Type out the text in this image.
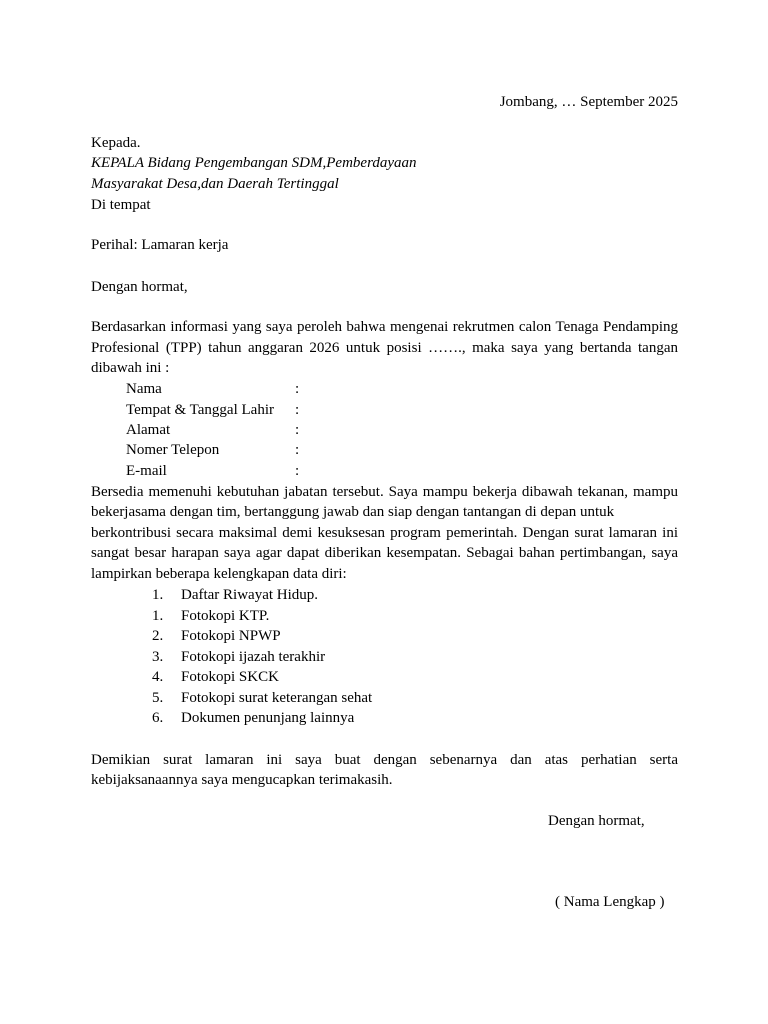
Jombang, … September 2025
Kepada.
KEPALA Bidang Pengembangan SDM,Pemberdayaan
Masyarakat Desa,dan Daerah Tertinggal
Di tempat
Perihal: Lamaran kerja
Dengan hormat,
Berdasarkan informasi yang saya peroleh bahwa mengenai rekrutmen calon Tenaga Pendamping
Profesional (TPP) tahun anggaran 2026 untuk posisi ……., maka saya yang bertanda tangan
dibawah ini :
Nama	:
Tempat & Tanggal Lahir :
Alamat	:
Nomer Telepon	:
E-mail	:
Bersedia memenuhi kebutuhan jabatan tersebut. Saya mampu bekerja dibawah tekanan, mampu
bekerjasama dengan tim, bertanggung jawab dan siap dengan tantangan di depan untuk
berkontribusi secara maksimal demi kesuksesan program pemerintah. Dengan surat lamaran ini
sangat besar harapan saya agar dapat diberikan kesempatan. Sebagai bahan pertimbangan, saya
lampirkan beberapa kelengkapan data diri:
1. Daftar Riwayat Hidup.
1. Fotokopi KTP.
2. Fotokopi NPWP
3. Fotokopi ijazah terakhir
4. Fotokopi SKCK
5. Fotokopi surat keterangan sehat
6. Dokumen penunjang lainnya
Demikian surat lamaran ini saya buat dengan sebenarnya dan atas perhatian serta
kebijaksanaannya saya mengucapkan terimakasih.
Dengan hormat,
( Nama Lengkap )
